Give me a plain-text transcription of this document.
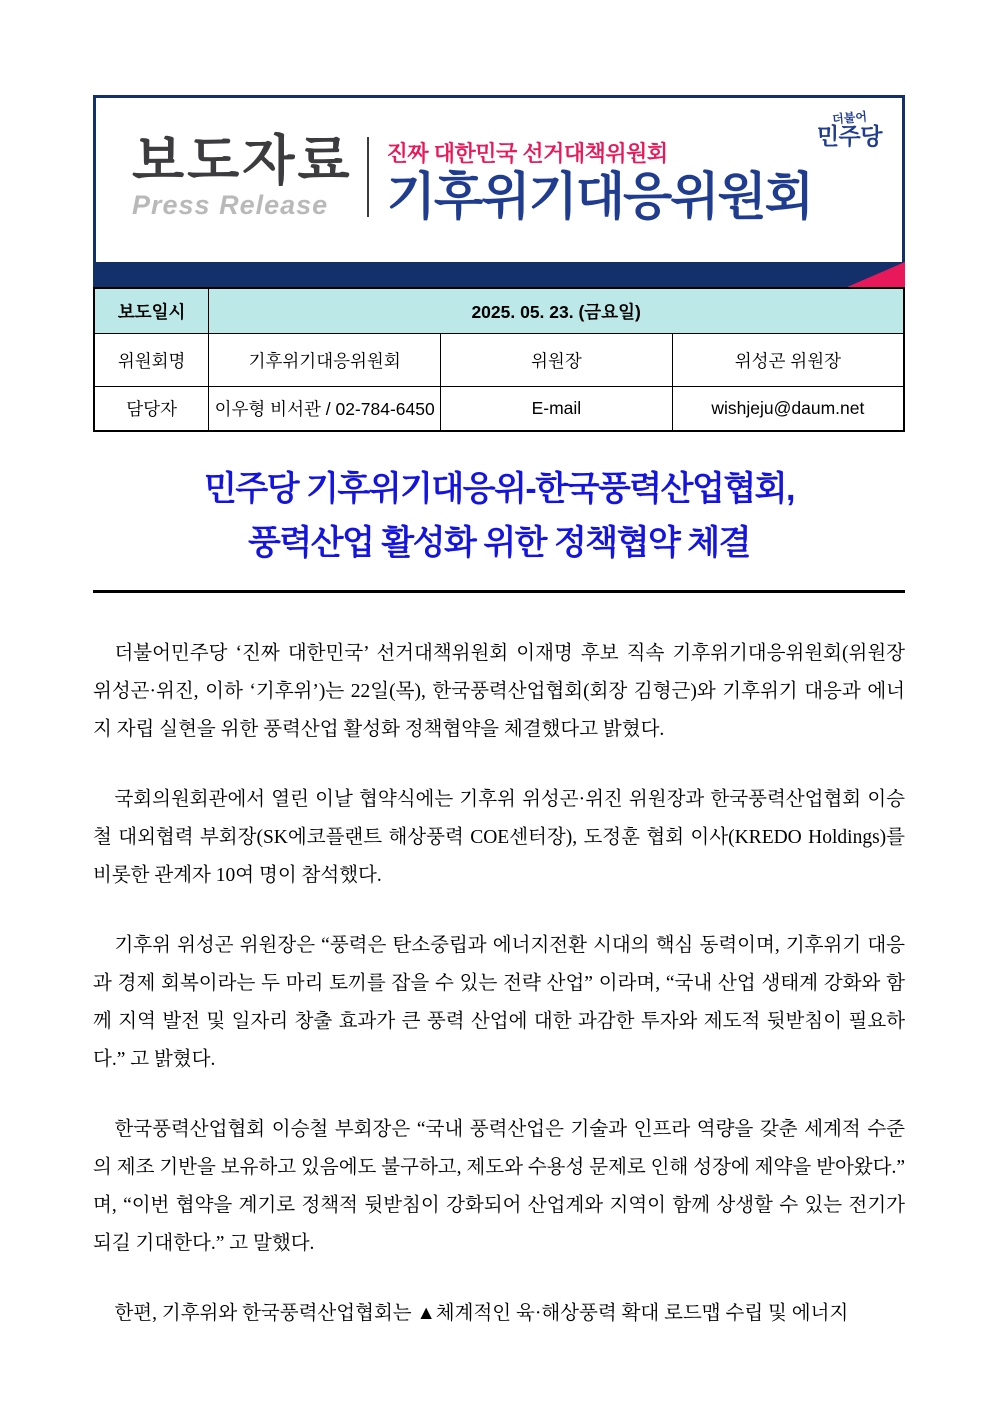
보도자료
Press Release
진짜 대한민국 선거대책위원회
기후위기대응위원회
더불어
민주당
보도일시	2025. 05. 23. (금요일)		
위원회명	기후위기대응위원회	위원장	위성곤 위원장
담당자	이우형 비서관 / 02-784-6450	E-mail	wishjeju@daum.net
민주당 기후위기대응위-한국풍력산업협회,
풍력산업 활성화 위한 정책협약 체결

더불어민주당 ‘진짜 대한민국’ 선거대책위원회 이재명 후보 직속 기후위기대응위원회(위원장 위성곤·위진, 이하 ‘기후위’)는 22일(목), 한국풍력산업협회(회장 김형근)와 기후위기 대응과 에너지 자립 실현을 위한 풍력산업 활성화 정책협약을 체결했다고 밝혔다.

국회의원회관에서 열린 이날 협약식에는 기후위 위성곤·위진 위원장과 한국풍력산업협회 이승철 대외협력 부회장(SK에코플랜트 해상풍력 COE센터장), 도정훈 협회 이사(KREDO Holdings)를 비롯한 관계자 10여 명이 참석했다.

기후위 위성곤 위원장은 “풍력은 탄소중립과 에너지전환 시대의 핵심 동력이며, 기후위기 대응과 경제 회복이라는 두 마리 토끼를 잡을 수 있는 전략 산업” 이라며, “국내 산업 생태계 강화와 함께 지역 발전 및 일자리 창출 효과가 큰 풍력 산업에 대한 과감한 투자와 제도적 뒷받침이 필요하다.” 고 밝혔다.

한국풍력산업협회 이승철 부회장은 “국내 풍력산업은 기술과 인프라 역량을 갖춘 세계적 수준의 제조 기반을 보유하고 있음에도 불구하고, 제도와 수용성 문제로 인해 성장에 제약을 받아왔다.” 며, “이번 협약을 계기로 정책적 뒷받침이 강화되어 산업계와 지역이 함께 상생할 수 있는 전기가 되길 기대한다.” 고 말했다.

한편, 기후위와 한국풍력산업협회는 ▲체계적인 육·해상풍력 확대 로드맵 수립 및 에너지
